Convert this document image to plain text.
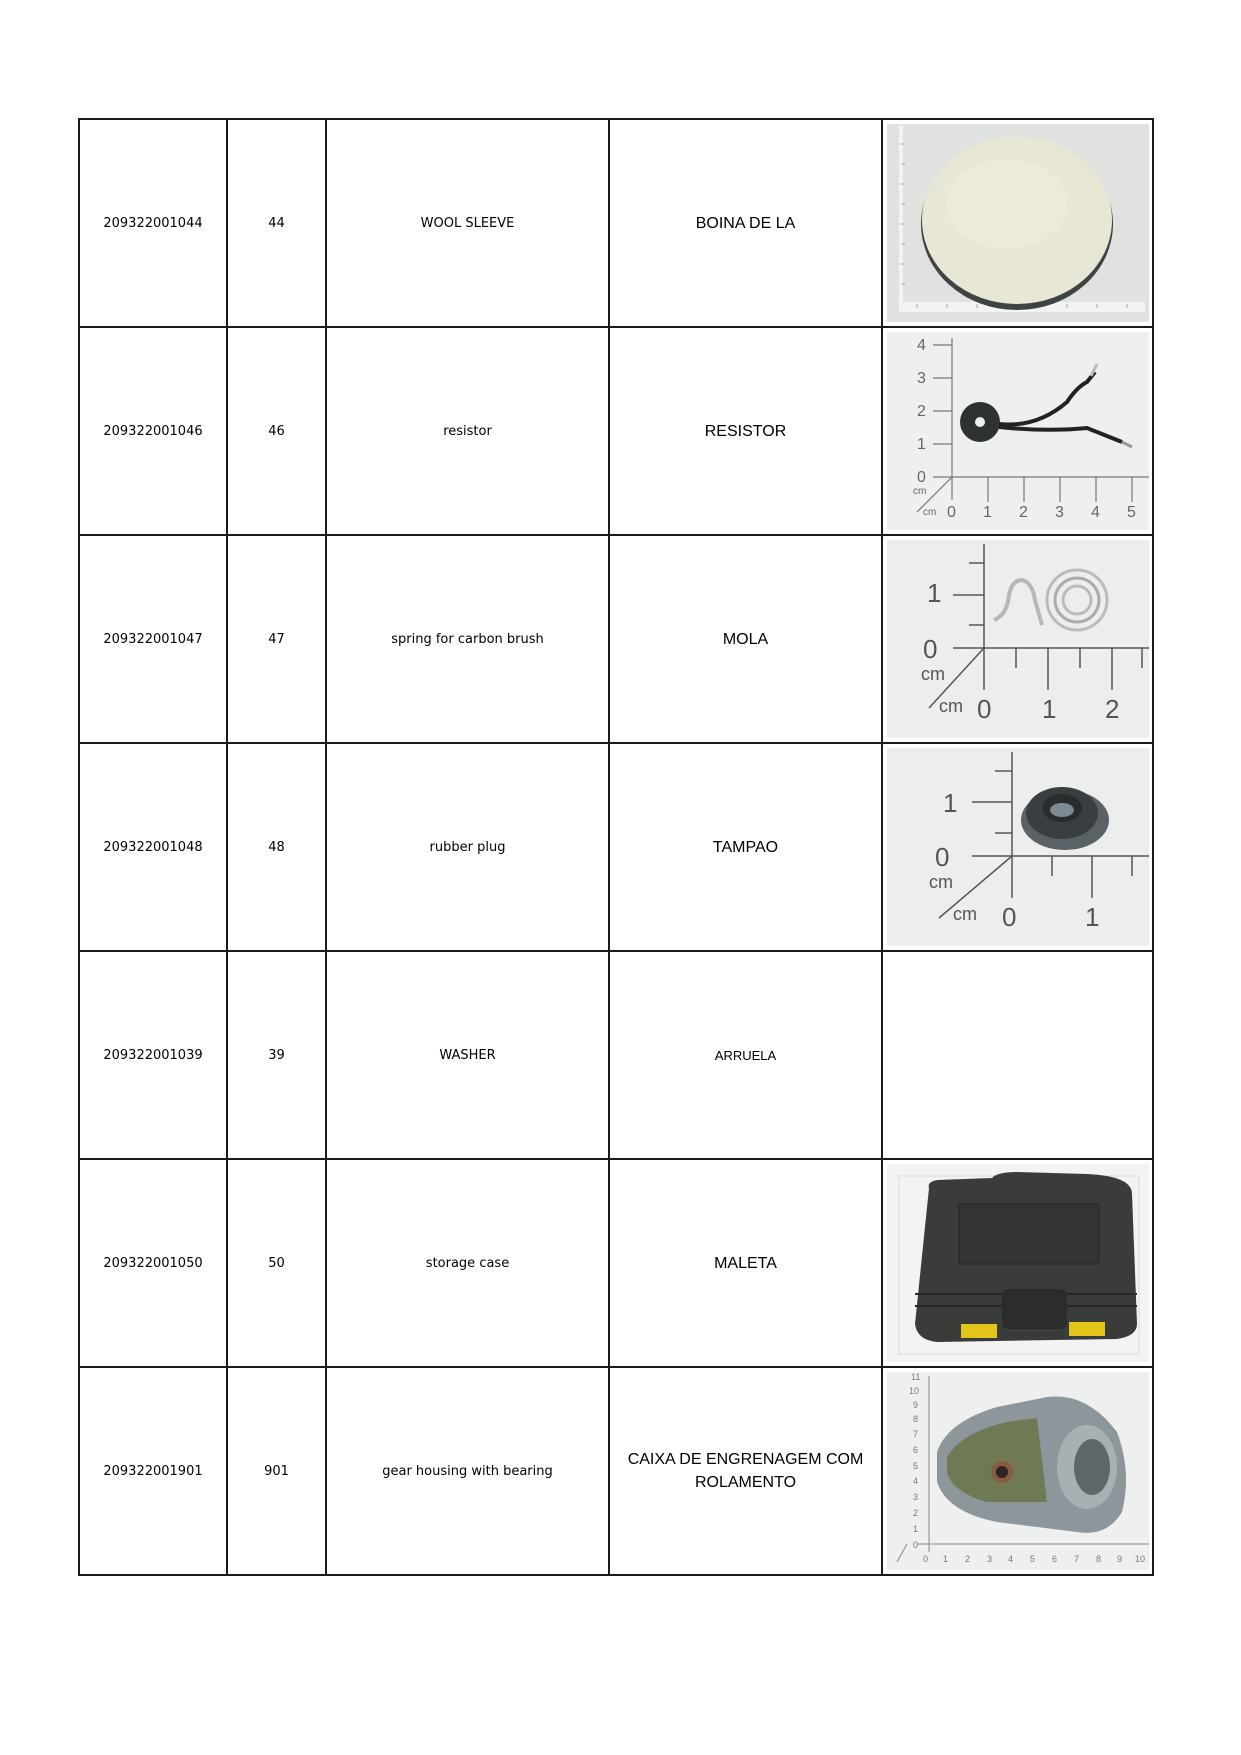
209322001044	44	WOOL SLEEVE	BOINA DE LA	

209322001046	46	resistor	RESISTOR	
0
1
2
3
4
cm
cm 0 1 2 3 4 5

209322001047	47	spring for carbon brush	MOLA	
1
0
cm
cm 0 1 2

209322001048	48	rubber plug	TAMPAO	
1
0
cm
cm 0	1

209322001039	39	WASHER	ARRUELA	
209322001050	50	storage case	MALETA	

209322001901	901	gear housing with bearing	CAIXA DE ENGRENAGEM COM ROLAMENTO	
0
1
2
3
4
5
6
7
8
9
10
11
0 1 2 3 4 5 6 7 8 9 10
